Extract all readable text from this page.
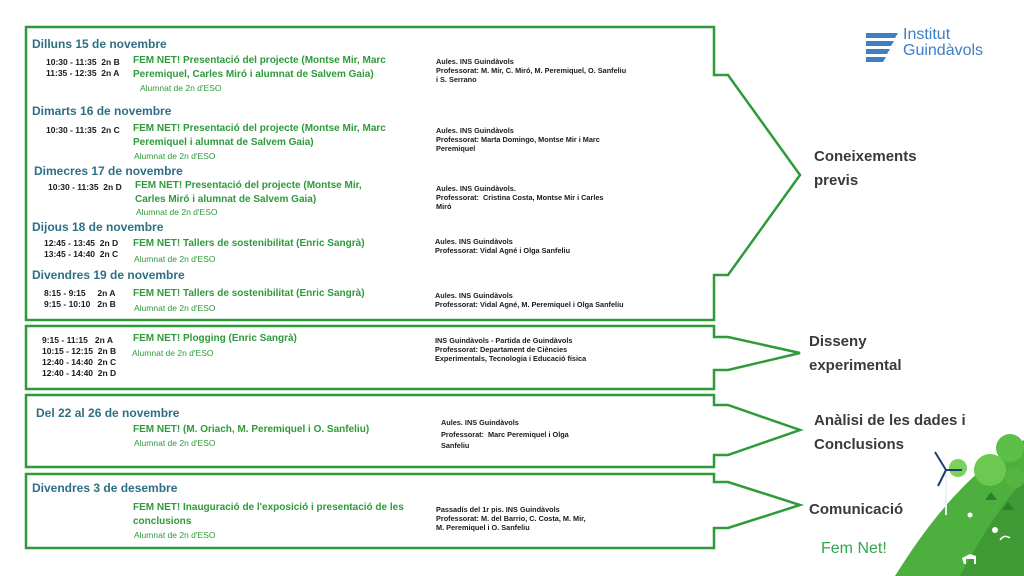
Institut
Guindàvols
Dilluns 15 de novembre
10:30 - 11:35  2n B
11:35 - 12:35  2n A
FEM NET! Presentació del projecte (Montse Mir, Marc Peremiquel, Carles Miró i alumnat de Salvem Gaia)
Alumnat de 2n d'ESO
Aules. INS Guindàvols
Professorat: M. Mir, C. Miró, M. Peremiquel, O. Sanfeliu
i S. Serrano
Dimarts 16 de novembre
10:30 - 11:35  2n C FEM NET! Presentació del projecte (Montse Mir, Marc Peremiquel i alumnat de Salvem Gaia)
Alumnat de 2n d'ESO
Aules. INS Guindàvols
Professorat: Marta Domingo, Montse Mir i Marc
Peremiquel
Dimecres 17 de novembre
10:30 - 11:35  2n D FEM NET! Presentació del projecte (Montse Mir, Carles Miró i alumnat de Salvem Gaia)
Alumnat de 2n d'ESO
Aules. INS Guindàvols.
Professorat:  Cristina Costa, Montse Mir i Carles
Miró
Dijous 18 de novembre
12:45 - 13:45  2n D
13:45 - 14:40  2n C
FEM NET! Tallers de sostenibilitat (Enric Sangrà)
Alumnat de 2n d'ESO
Aules. INS Guindàvols
Professorat: Vidal Agné i Olga Sanfeliu
Divendres 19 de novembre
8:15 - 9:15     2n A
9:15 - 10:10   2n B
FEM NET! Tallers de sostenibilitat (Enric Sangrà)
Alumnat de 2n d'ESO
Aules. INS Guindàvols
Professorat: Vidal Agné, M. Peremiquel i Olga Sanfeliu
9:15 - 11:15   2n A
10:15 - 12:15  2n B
12:40 - 14:40  2n C
12:40 - 14:40  2n D
FEM NET! Plogging (Enric Sangrà)
Alumnat de 2n d'ESO
INS Guindàvols - Partida de Guindàvols
Professorat: Departament de Ciències
Experimentals, Tecnologia i Educació física
Del 22 al 26 de novembre
FEM NET! (M. Oriach, M. Peremiquel i O. Sanfeliu)
Alumnat de 2n d'ESO
Aules. INS Guindàvols
Professorat:  Marc Peremiquel i Olga
Sanfeliu
Divendres 3 de desembre
FEM NET! Inauguració de l'exposició i presentació de les conclusions
Alumnat de 2n d'ESO
Passadís del 1r pis. INS Guindàvols
Professorat: M. del Barrio, C. Costa, M. Mir,
M. Peremiquel i O. Sanfeliu
Coneixements
previs
Disseny
experimental
Anàlisi de les dades i
Conclusions
Comunicació
Fem Net!
